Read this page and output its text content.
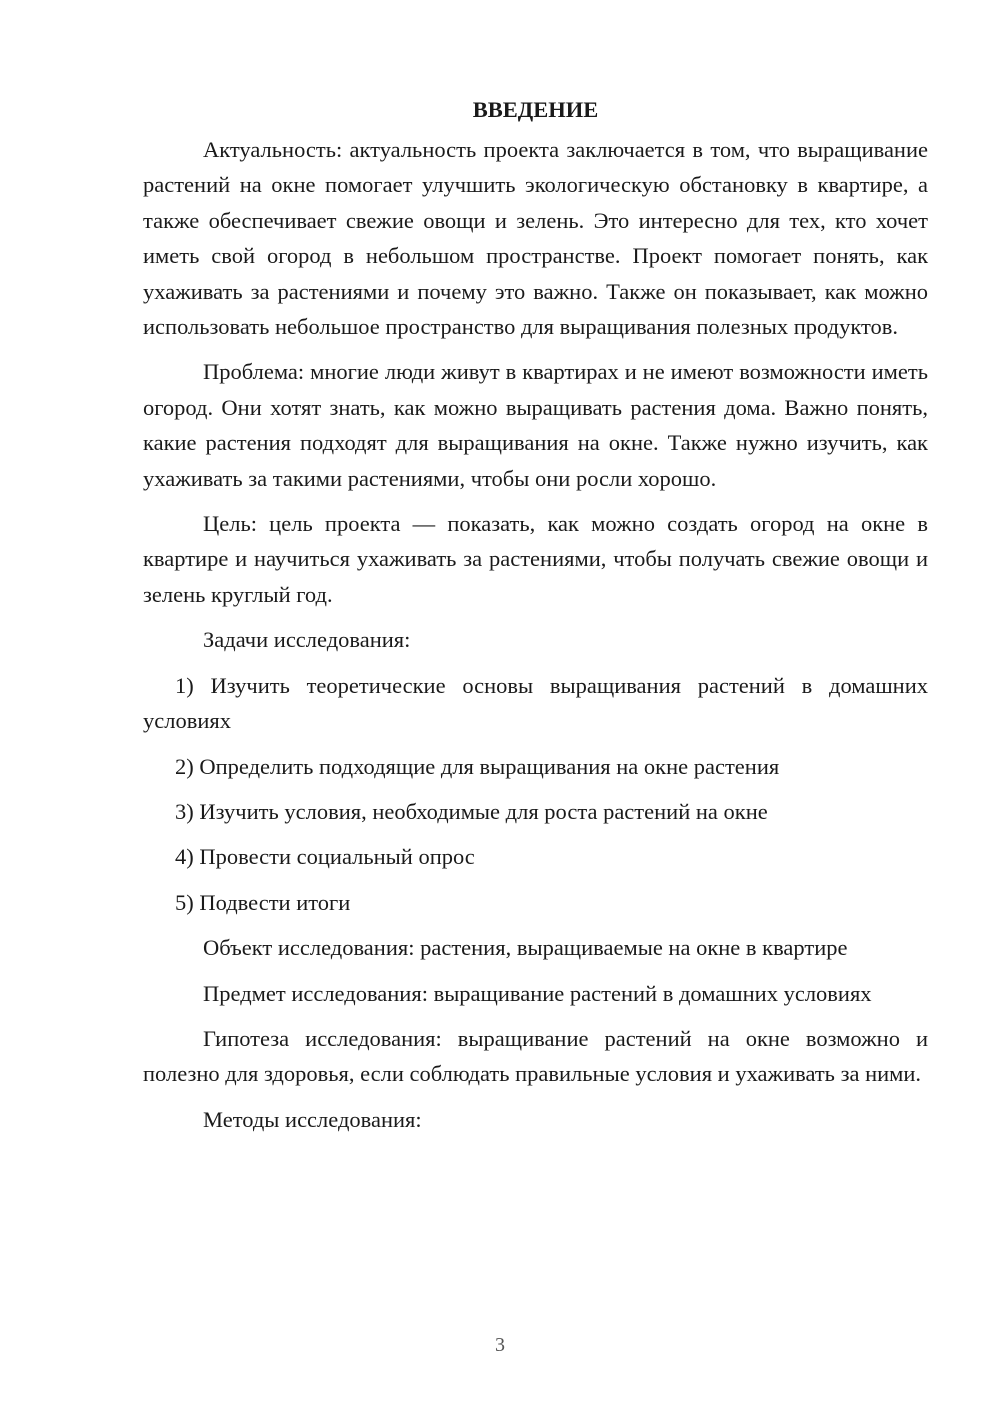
ВВЕДЕНИЕ

Актуальность: актуальность проекта заключается в том, что выращивание растений на окне помогает улучшить экологическую обстановку в квартире, а также обеспечивает свежие овощи и зелень. Это интересно для тех, кто хочет иметь свой огород в небольшом пространстве. Проект помогает понять, как ухаживать за растениями и почему это важно. Также он показывает, как можно использовать небольшое пространство для выращивания полезных продуктов.

Проблема: многие люди живут в квартирах и не имеют возможности иметь огород. Они хотят знать, как можно выращивать растения дома. Важно понять, какие растения подходят для выращивания на окне. Также нужно изучить, как ухаживать за такими растениями, чтобы они росли хорошо.

Цель: цель проекта — показать, как можно создать огород на окне в квартире и научиться ухаживать за растениями, чтобы получать свежие овощи и зелень круглый год.

Задачи исследования:

1) Изучить теоретические основы выращивания растений в домашних условиях

2) Определить подходящие для выращивания на окне растения

3) Изучить условия, необходимые для роста растений на окне

4) Провести социальный опрос

5) Подвести итоги

Объект исследования: растения, выращиваемые на окне в квартире

Предмет исследования: выращивание растений в домашних условиях

Гипотеза исследования: выращивание растений на окне возможно и полезно для здоровья, если соблюдать правильные условия и ухаживать за ними.

Методы исследования:

3
